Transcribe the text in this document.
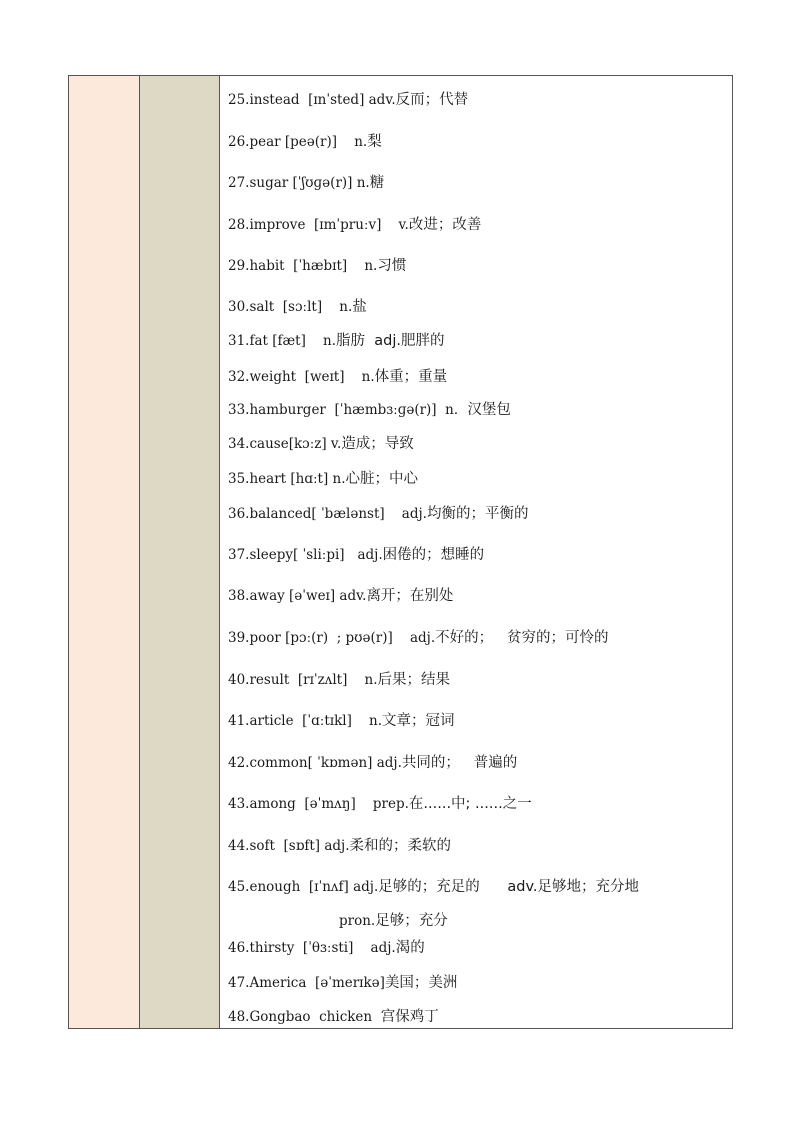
25.instead  [ɪnˈsted] adv.反而；代替
26.pear [peə(r)]    n.梨
27.sugar [ˈʃʊɡə(r)] n.糖
28.improve  [ɪmˈpruːv]    v.改进；改善
29.habit  [ˈhæbɪt]    n.习惯
30.salt  [sɔːlt]    n.盐
31.fat [fæt]    n.脂肪  adj.肥胖的
32.weight  [weɪt]    n.体重；重量
33.hamburger  [ˈhæmbɜːɡə(r)]  n．汉堡包
34.cause[kɔːz] v.造成；导致
35.heart [hɑːt] n.心脏；中心
36.balanced[ ˈbælənst]    adj.均衡的；平衡的
37.sleepy[ ˈsliːpi]   adj.困倦的；想睡的
38.away [əˈweɪ] adv.离开；在别处
39.poor [pɔː(r)  ; pʊə(r)]    adj.不好的；   贫穷的；可怜的
40.result  [rɪˈzʌlt]    n.后果；结果
41.article  [ˈɑːtɪkl]    n.文章；冠词
42.common[ ˈkɒmən] adj.共同的；   普遍的
43.among  [əˈmʌŋ]    prep.在......中; ......之一
44.soft  [sɒft] adj.柔和的；柔软的
45.enough  [ɪˈnʌf] adj.足够的；充足的      adv.足够地；充分地
pron.足够；充分
46.thirsty  [ˈθɜːsti]    adj.渴的
47.America  [əˈmerɪkə]美国；美洲
48.Gongbao  chicken  宫保鸡丁
